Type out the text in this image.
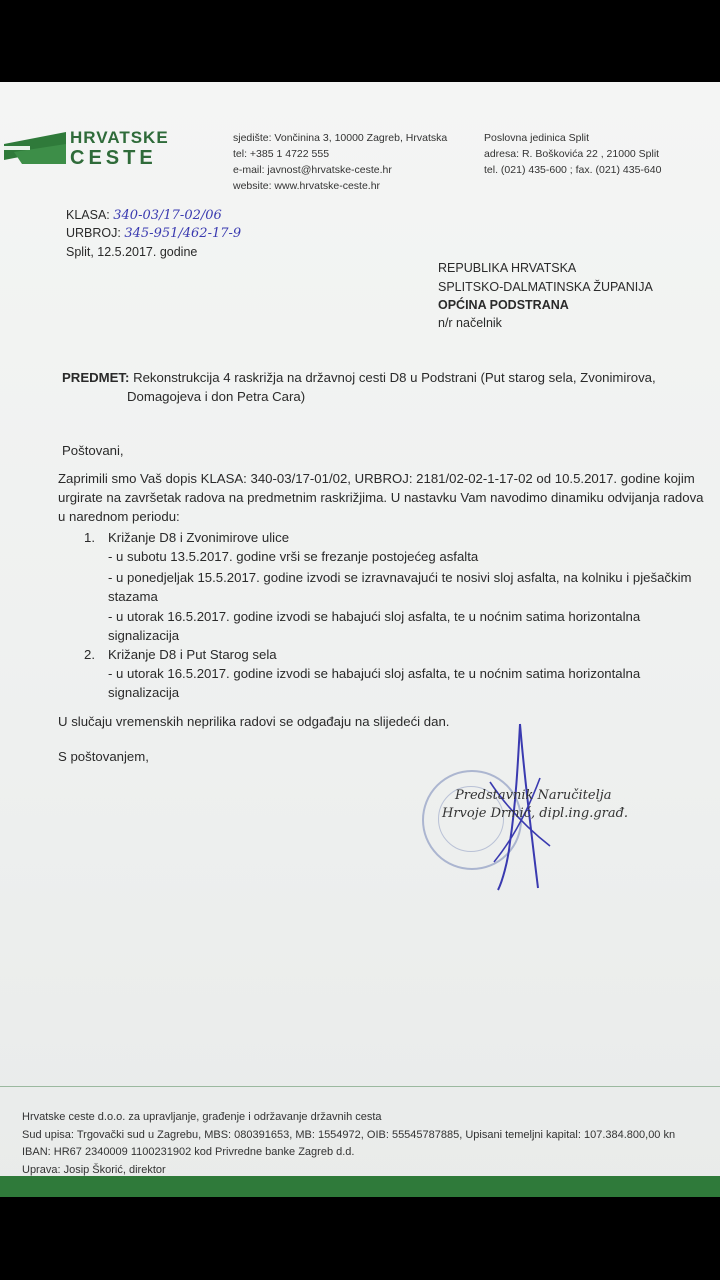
HRVATSKE
CESTE
sjedište: Vončinina 3, 10000 Zagreb, Hrvatska
tel: +385 1 4722 555
e-mail: javnost@hrvatske-ceste.hr
website: www.hrvatske-ceste.hr
Poslovna jedinica Split
adresa: R. Boškovića 22 , 21000 Split
tel. (021) 435-600 ; fax. (021) 435-640
KLASA: 340-03/17-02/06
URBROJ: 345-951/462-17-9
Split, 12.5.2017. godine
REPUBLIKA HRVATSKA
SPLITSKO-DALMATINSKA ŽUPANIJA
OPĆINA PODSTRANA
n/r načelnik
PREDMET: Rekonstrukcija 4 raskrižja na državnoj cesti D8 u Podstrani (Put starog sela, Zvonimirova,
Domagojeva i don Petra Cara)
Poštovani,
Zaprimili smo Vaš dopis KLASA: 340-03/17-01/02, URBROJ: 2181/02-02-1-17-02 od 10.5.2017. godine kojim
urgirate na završetak radova na predmetnim raskrižjima. U nastavku Vam navodimo dinamiku odvijanja radova
u narednom periodu:
1. Križanje D8 i Zvonimirove ulice
- u subotu 13.5.2017. godine vrši se frezanje postojećeg asfalta
- u ponedjeljak 15.5.2017. godine izvodi se izravnavajući te nosivi sloj asfalta, na kolniku i pješačkim
stazama
- u utorak 16.5.2017. godine izvodi se habajući sloj asfalta, te u noćnim satima horizontalna
signalizacija
2. Križanje D8 i Put Starog sela
- u utorak 16.5.2017. godine izvodi se habajući sloj asfalta, te u noćnim satima horizontalna
signalizacija
U slučaju vremenskih neprilika radovi se odgađaju na slijedeći dan.
S poštovanjem,
Predstavnik Naručitelja
Hrvoje Drmić, dipl.ing.građ.
Hrvatske ceste d.o.o. za upravljanje, građenje i održavanje državnih cesta
Sud upisa: Trgovački sud u Zagrebu, MBS: 080391653, MB: 1554972, OIB: 55545787885, Upisani temeljni kapital: 107.384.800,00 kn
IBAN: HR67 2340009 1100231902 kod Privredne banke Zagreb d.d.
Uprava: Josip Škorić, direktor
